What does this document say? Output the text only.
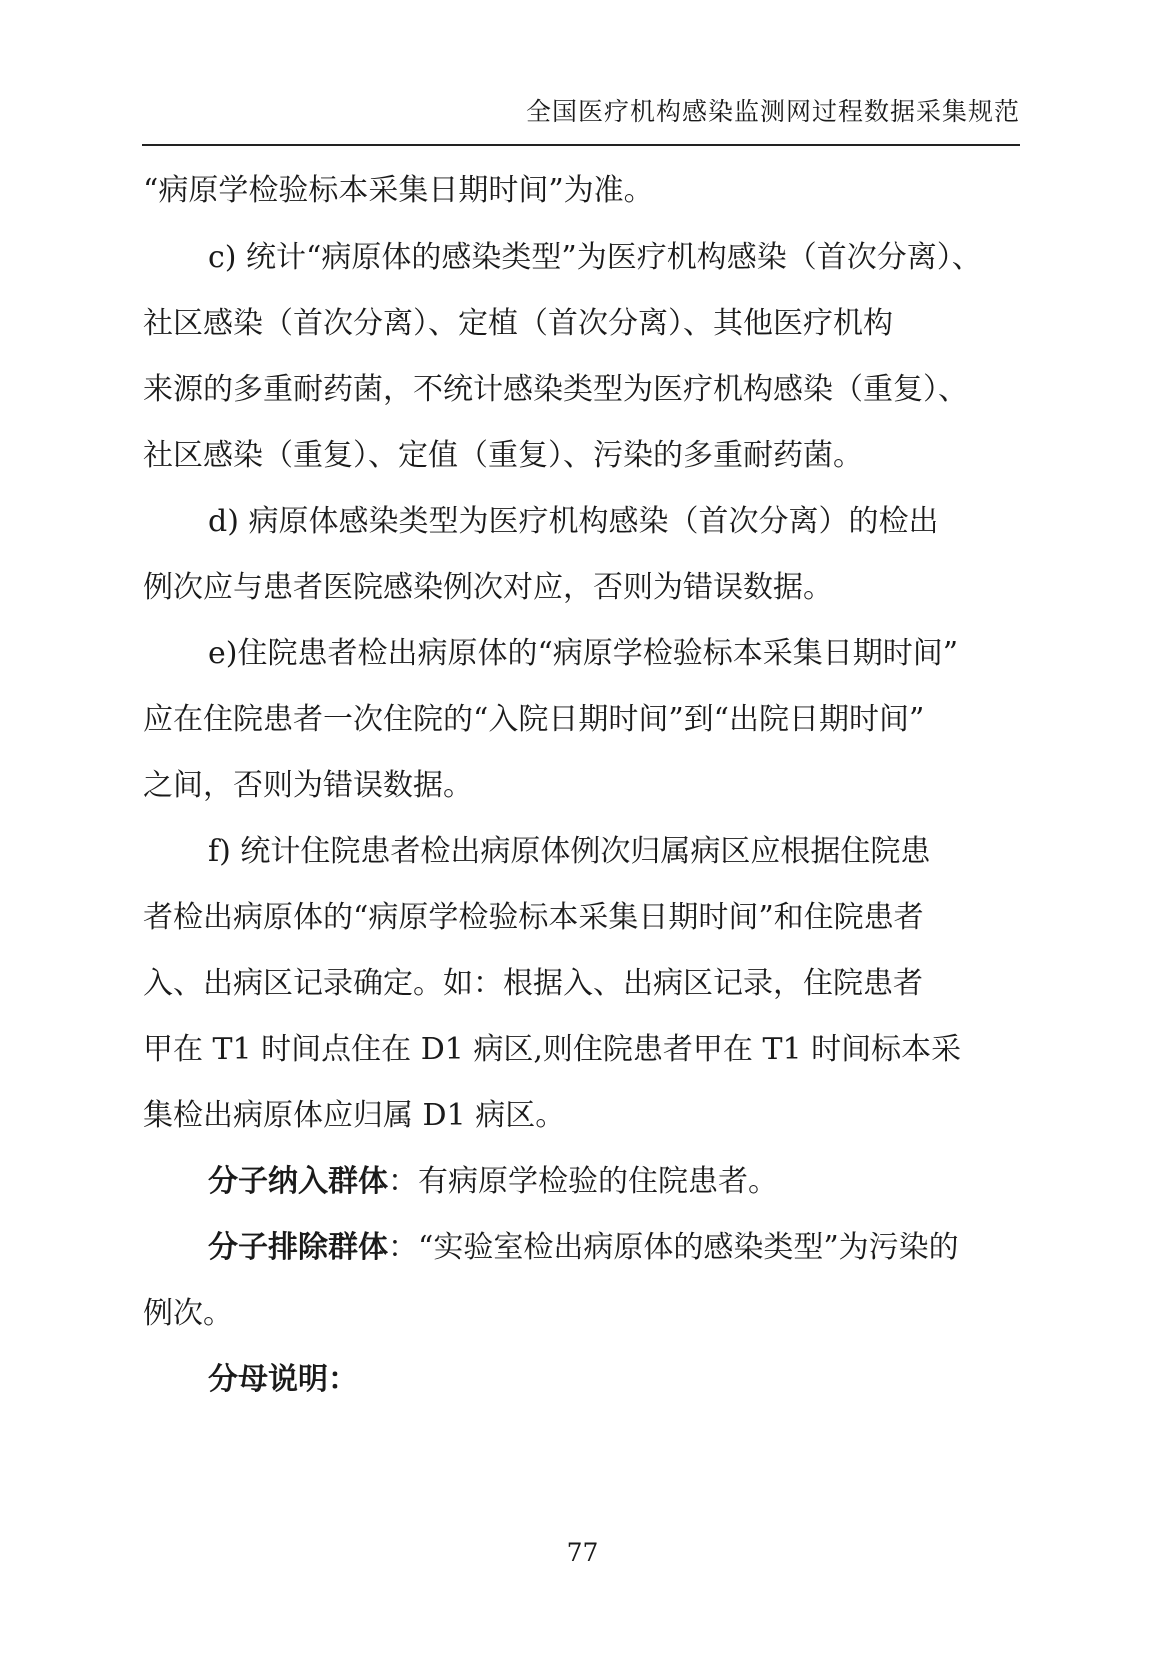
全国医疗机构感染监测网过程数据采集规范
“病原学检验标本采集日期时间”为准。
c) 统计“病原体的感染类型”为医疗机构感染（首次分离）、
社区感染（首次分离）、定植（首次分离）、其他医疗机构
来源的多重耐药菌，不统计感染类型为医疗机构感染（重复）、
社区感染（重复）、定值（重复）、污染的多重耐药菌。
d) 病原体感染类型为医疗机构感染（首次分离）的检出
例次应与患者医院感染例次对应，否则为错误数据。
e)住院患者检出病原体的“病原学检验标本采集日期时间”
应在住院患者一次住院的“入院日期时间”到“出院日期时间”
之间，否则为错误数据。
f) 统计住院患者检出病原体例次归属病区应根据住院患
者检出病原体的“病原学检验标本采集日期时间”和住院患者
入、出病区记录确定。如：根据入、出病区记录，住院患者
甲在 T1 时间点住在 D1 病区,则住院患者甲在 T1 时间标本采
集检出病原体应归属 D1 病区。
分子纳入群体：有病原学检验的住院患者。
分子排除群体：“实验室检出病原体的感染类型”为污染的
例次。
分母说明：
77
